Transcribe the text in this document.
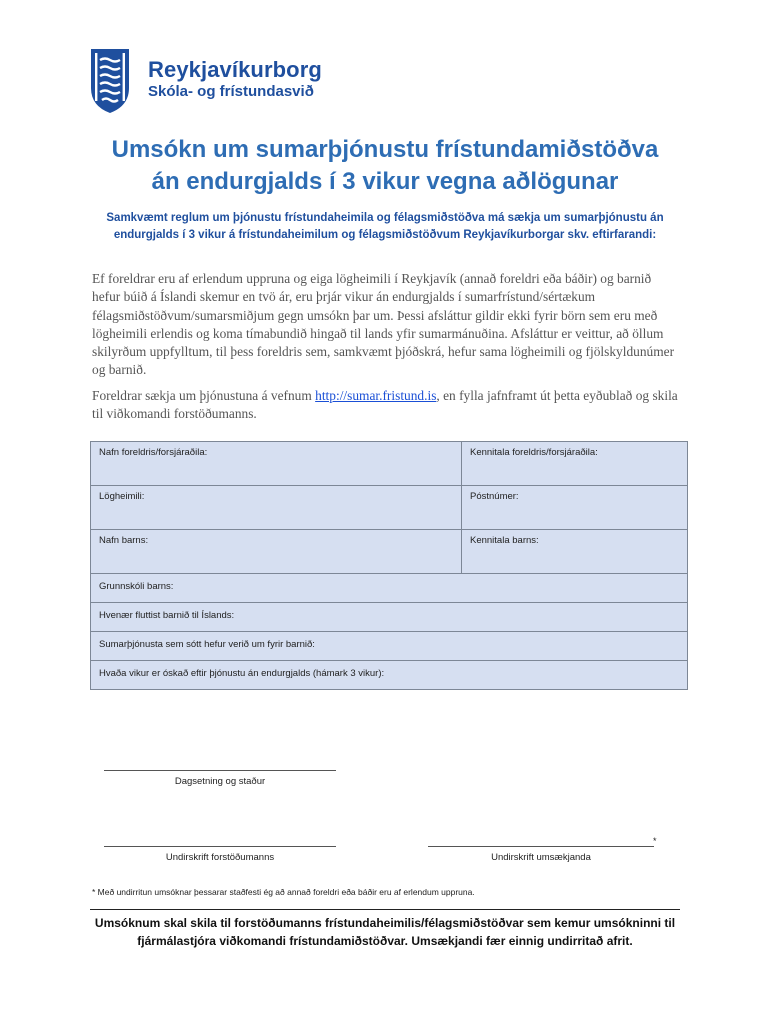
Reykjavíkurborg
Skóla- og frístundasvið
Umsókn um sumarþjónustu frístundamiðstöðva
án endurgjalds í 3 vikur vegna aðlögunar
Samkvæmt reglum um þjónustu frístundaheimila og félagsmiðstöðva má sækja um sumarþjónustu án endurgjalds í 3 vikur á frístundaheimilum og félagsmiðstöðvum Reykjavíkurborgar skv. eftirfarandi:
Ef foreldrar eru af erlendum uppruna og eiga lögheimili í Reykjavík (annað foreldri eða báðir) og barnið hefur búið á Íslandi skemur en tvö ár, eru þrjár vikur án endurgjalds í sumarfrístund/sértækum félagsmiðstöðvum/sumarsmiðjum gegn umsókn þar um. Þessi afsláttur gildir ekki fyrir börn sem eru með lögheimili erlendis og koma tímabundið hingað til lands yfir sumarmánuðina. Afsláttur er veittur, að öllum skilyrðum uppfylltum, til þess foreldris sem, samkvæmt þjóðskrá, hefur sama lögheimili og fjölskyldunúmer og barnið.
Foreldrar sækja um þjónustuna á vefnum http://sumar.fristund.is, en fylla jafnframt út þetta eyðublað og skila til viðkomandi forstöðumanns.
Nafn foreldris/forsjáraðila:	Kennitala foreldris/forsjáraðila:
Lögheimili:	Póstnúmer:
Nafn barns:	Kennitala barns:
Grunnskóli barns:	
Hvenær fluttist barnið til Íslands:	
Sumarþjónusta sem sótt hefur verið um fyrir barnið:	
Hvaða vikur er óskað eftir þjónustu án endurgjalds (hámark 3 vikur):	
Dagsetning og staður
Undirskrift forstöðumanns	Undirskrift umsækjanda
*
* Með undirritun umsóknar þessarar staðfesti ég að annað foreldri eða báðir eru af erlendum uppruna.
Umsóknum skal skila til forstöðumanns frístundaheimilis/félagsmiðstöðvar sem kemur umsókninni til fjármálastjóra viðkomandi frístundamiðstöðvar. Umsækjandi fær einnig undirritað afrit.
